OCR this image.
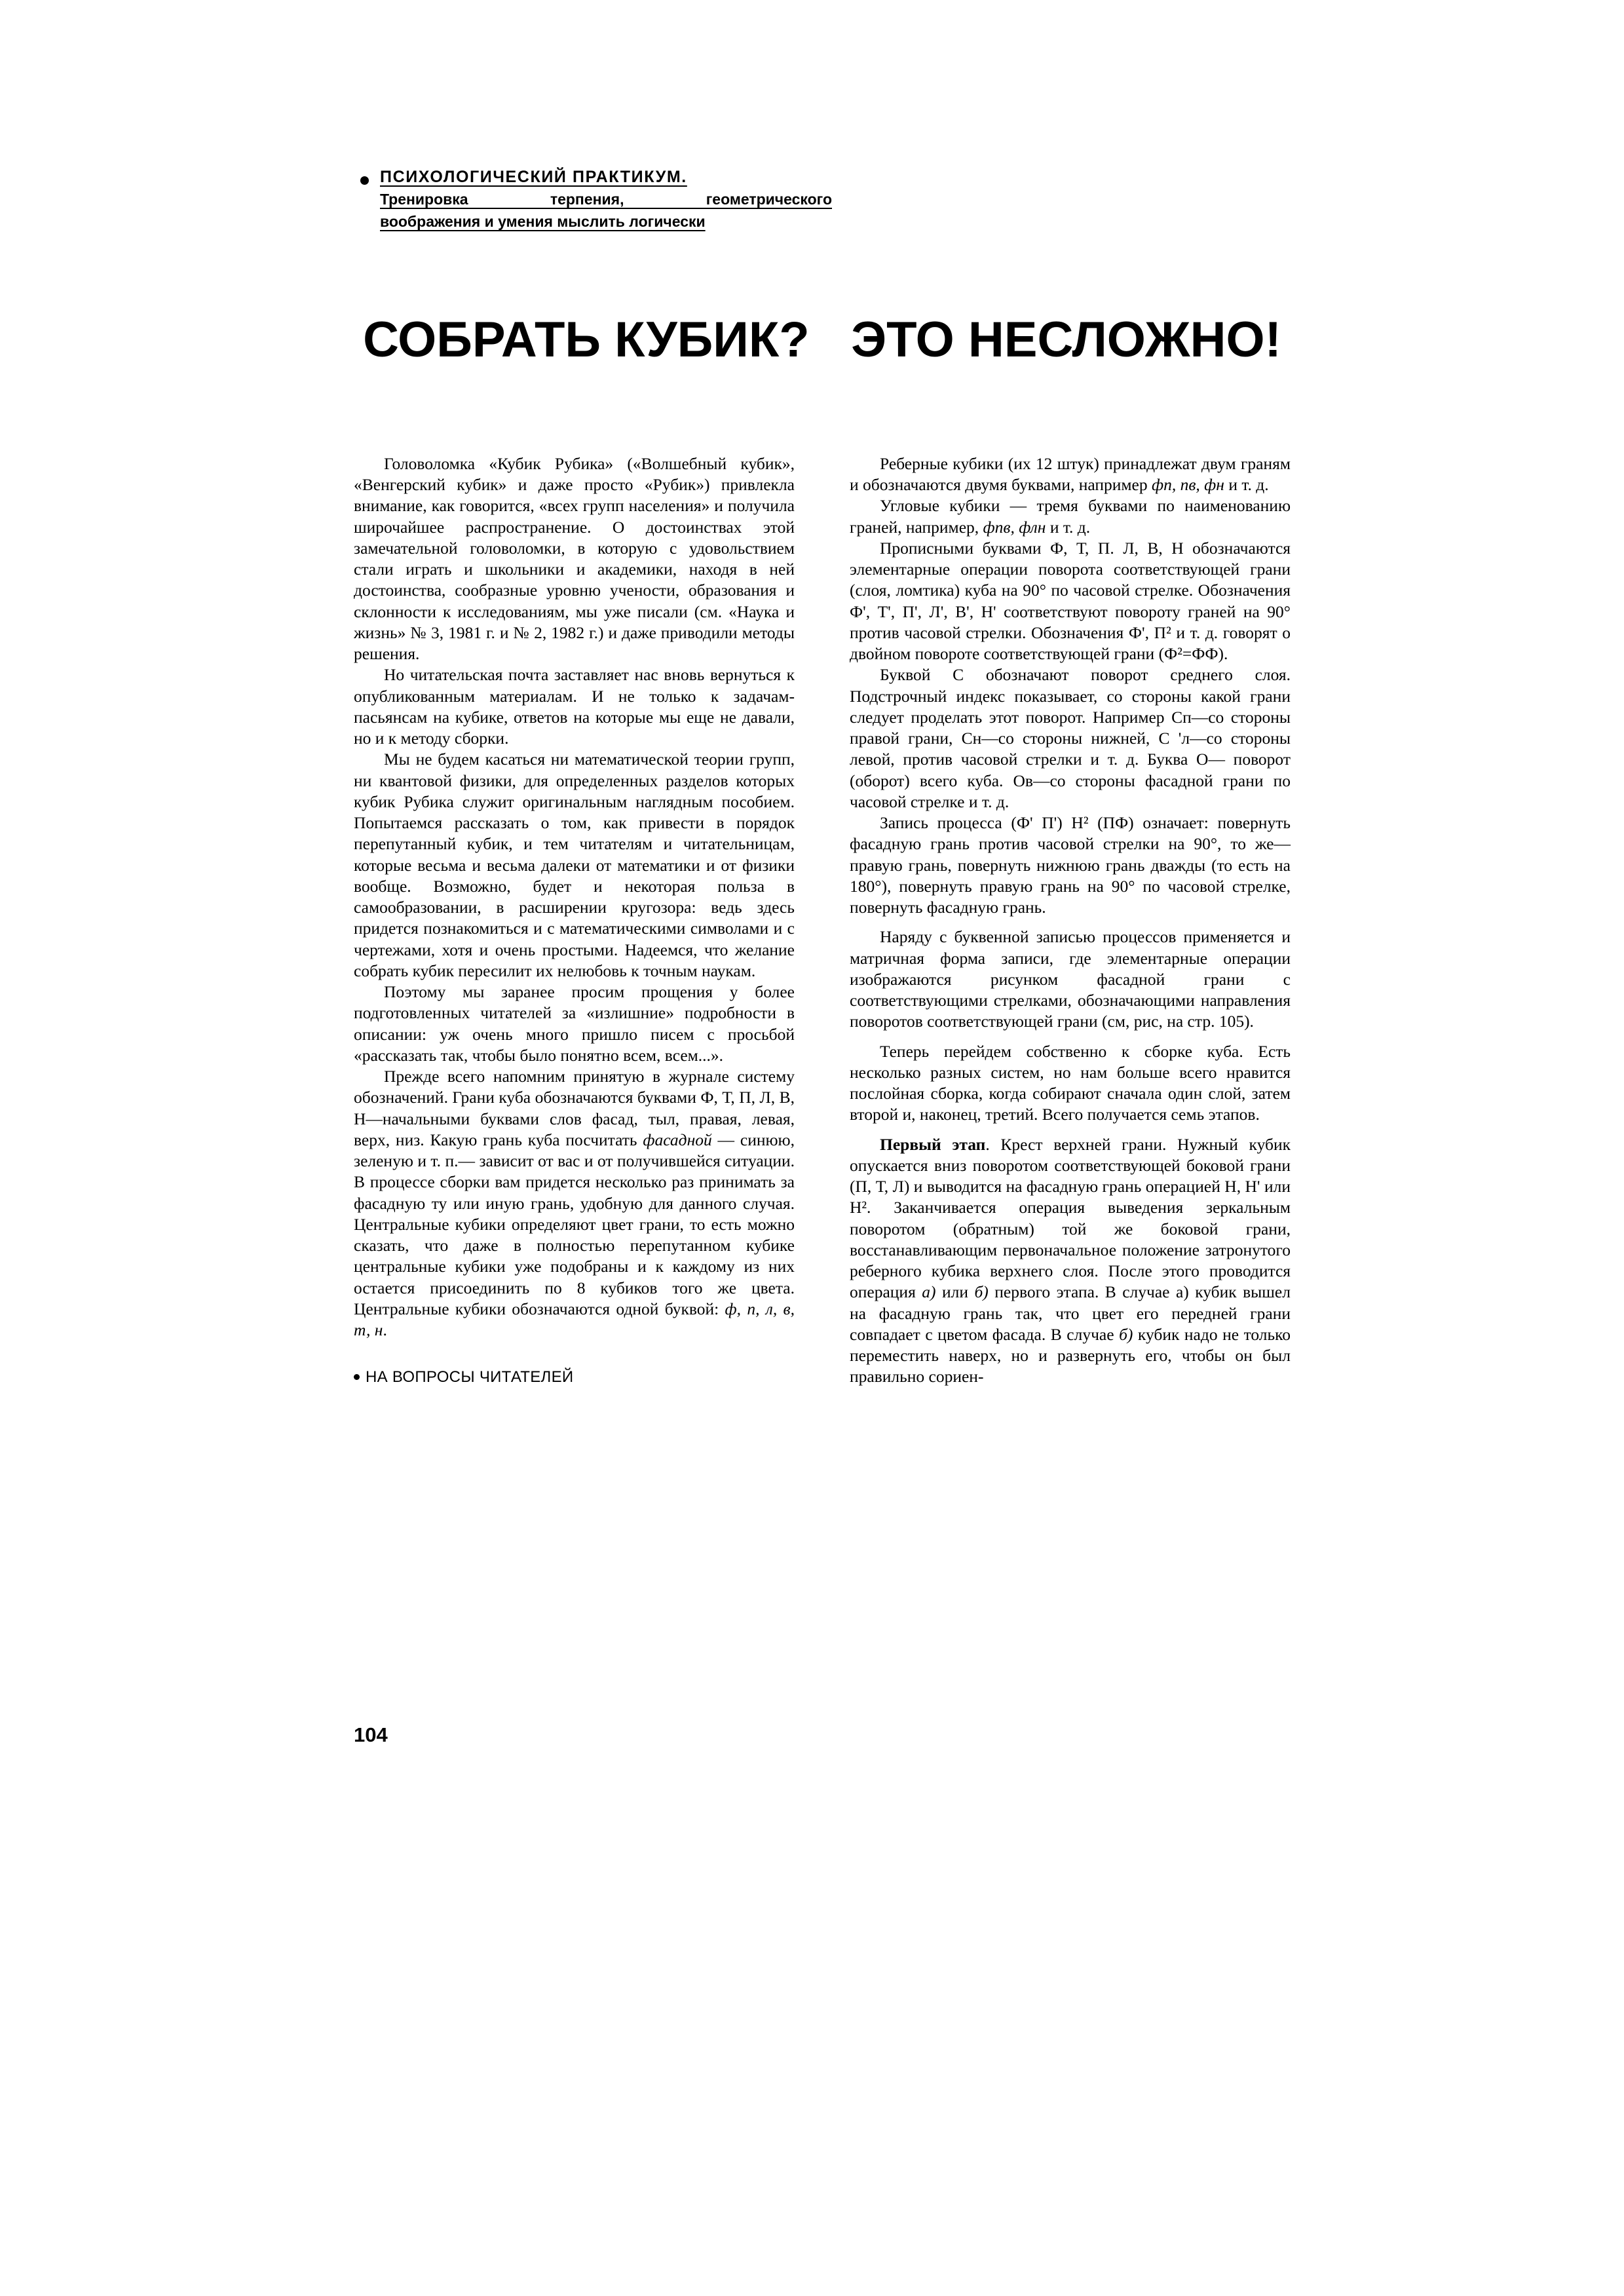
ПСИХОЛОГИЧЕСКИЙ ПРАКТИКУМ.
Тренировка терпения, геометрического
воображения и умения мыслить логически
СОБРАТЬ КУБИК?   ЭТО НЕСЛОЖНО!

Головоломка «Кубик Рубика» («Волшебный кубик», «Венгерский кубик» и даже просто «Рубик») привлекла внимание, как говорится, «всех групп населения» и получила широчайшее распространение. О достоинствах этой замечательной головоломки, в которую с удовольствием стали играть и школьники и академики, находя в ней достоинства, сообразные уровню учености, образования и склонности к исследованиям, мы уже писали (см. «Наука и жизнь» № 3, 1981 г. и № 2, 1982 г.) и даже приводили методы решения.

Но читательская почта заставляет нас вновь вернуться к опубликованным материалам. И не только к задачам-пасьянсам на кубике, ответов на которые мы еще не давали, но и к методу сборки.

Мы не будем касаться ни математической теории групп, ни квантовой физики, для определенных разделов которых кубик Рубика служит оригинальным наглядным пособием. Попытаемся рассказать о том, как привести в порядок перепутанный кубик, и тем читателям и читательницам, которые весьма и весьма далеки от математики и от физики вообще. Возможно, будет и некоторая польза в самообразовании, в расширении кругозора: ведь здесь придется познакомиться и с математическими символами и с чертежами, хотя и очень простыми. Надеемся, что желание собрать кубик пересилит их нелюбовь к точным наукам.

Поэтому мы заранее просим прощения у более подготовленных читателей за «излишние» подробности в описании: уж очень много пришло писем с просьбой «рассказать так, чтобы было понятно всем, всем...».

Прежде всего напомним принятую в журнале систему обозначений. Грани куба обозначаются буквами Ф, Т, П, Л, В, Н—начальными буквами слов фасад, тыл, правая, левая, верх, низ. Какую грань куба посчитать фасадной — синюю, зеленую и т. п.— зависит от вас и от получившейся ситуации. В процессе сборки вам придется несколько раз принимать за фасадную ту или иную грань, удобную для данного случая. Центральные кубики определяют цвет грани, то есть можно сказать, что даже в полностью перепутанном кубике центральные кубики уже подобраны и к каждому из них остается присоединить по 8 кубиков того же цвета. Центральные кубики обозначаются одной буквой: ф, п, л, в, т, н.

НА ВОПРОСЫ ЧИТАТЕЛЕЙ

Реберные кубики (их 12 штук) принадлежат двум граням и обозначаются двумя буквами, например фп, пв, фн и т. д.

Угловые кубики — тремя буквами по наименованию граней, например, фпв, флн и т. д.

Прописными буквами Ф, Т, П. Л, В, Н обозначаются элементарные операции поворота соответствующей грани (слоя, ломтика) куба на 90° по часовой стрелке. Обозначения Ф', Т', П', Л', В', Н' соответствуют повороту граней на 90° против часовой стрелки. Обозначения Ф', П² и т. д. говорят о двойном повороте соответствующей грани (Ф²=ФФ).

Буквой С обозначают поворот среднего слоя. Подстрочный индекс показывает, со стороны какой грани следует проделать этот поворот. Например Сп—со стороны правой грани, Сн—со стороны нижней, С 'л—со стороны левой, против часовой стрелки и т. д. Буква О— поворот (оборот) всего куба. Ов—со стороны фасадной грани по часовой стрелке и т. д.

Запись процесса (Ф' П') Н² (ПФ) означает: повернуть фасадную грань против часовой стрелки на 90°, то же—правую грань, повернуть нижнюю грань дважды (то есть на 180°), повернуть правую грань на 90° по часовой стрелке, повернуть фасадную грань.

Наряду с буквенной записью процессов применяется и матричная форма записи, где элементарные операции изображаются рисунком фасадной грани с соответствующими стрелками, обозначающими направления поворотов соответствующей грани (см, рис, на стр. 105).

Теперь перейдем собственно к сборке куба. Есть несколько разных систем, но нам больше всего нравится послойная сборка, когда собирают сначала один слой, затем второй и, наконец, третий. Всего получается семь этапов.

Первый этап. Крест верхней грани. Нужный кубик опускается вниз поворотом соответствующей боковой грани (П, Т, Л) и выводится на фасадную грань операцией Н, Н' или Н². Заканчивается операция выведения зеркальным поворотом (обратным) той же боковой грани, восстанавливающим первоначальное положение затронутого реберного кубика верхнего слоя. После этого проводится операция а) или б) первого этапа. В случае а) кубик вышел на фасадную грань так, что цвет его передней грани совпадает с цветом фасада. В случае б) кубик надо не только переместить наверх, но и развернуть его, чтобы он был правильно сориен-

104
